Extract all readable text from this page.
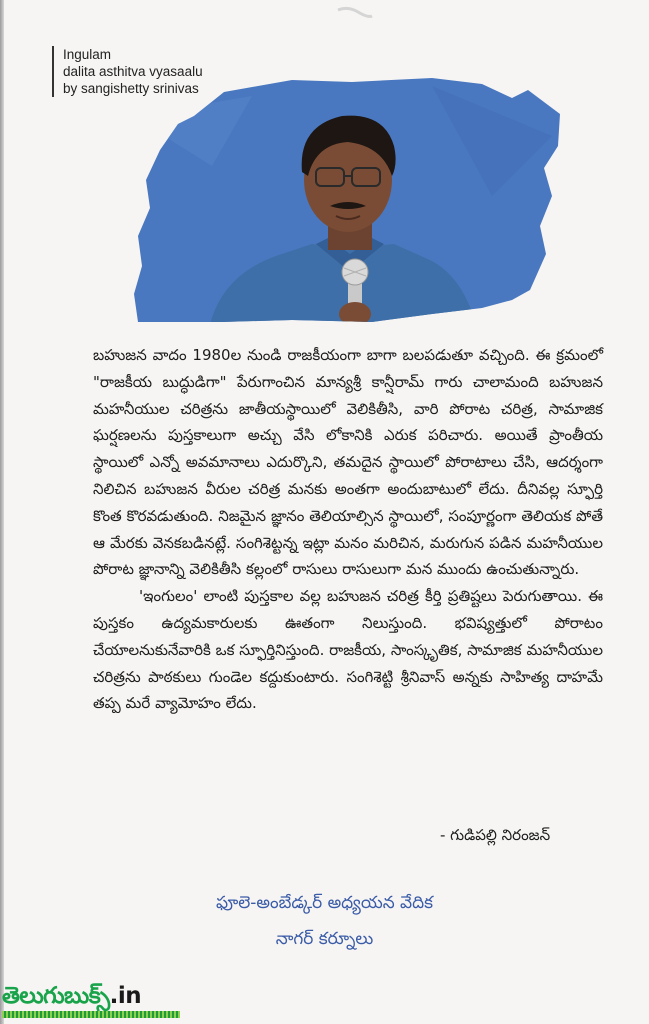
Ingulam
dalita asthitva vyasaalu
by sangishetty srinivas

బహుజన వాదం 1980ల నుండి రాజకీయంగా బాగా బలపడుతూ వచ్చింది. ఈ క్రమంలో "రాజకీయ బుద్ధుడిగా" పేరుగాంచిన మాన్యశ్రీ కాన్షీరామ్ గారు చాలామంది బహుజన మహనీయుల చరిత్రను జాతీయస్థాయిలో వెలికితీసి, వారి పోరాట చరిత్ర, సామాజిక ఘర్షణలను పుస్తకాలుగా అచ్చు వేసి లోకానికి ఎరుక పరిచారు. అయితే ప్రాంతీయ స్థాయిలో ఎన్నో అవమానాలు ఎదుర్కొని, తమదైన స్థాయిలో పోరాటాలు చేసి, ఆదర్శంగా నిలిచిన బహుజన వీరుల చరిత్ర మనకు అంతగా అందుబాటులో లేదు. దీనివల్ల స్ఫూర్తి కొంత కొరవడుతుంది. నిజమైన జ్ఞానం తెలియాల్సిన స్థాయిలో, సంపూర్ణంగా తెలియక పోతే ఆ మేరకు వెనకబడినట్లే. సంగిశెట్టన్న ఇట్లా మనం మరిచిన, మరుగున పడిన మహనీయుల పోరాట జ్ఞానాన్ని వెలికితీసి కల్లంలో రాసులు రాసులుగా మన ముందు ఉంచుతున్నారు.

'ఇంగులం' లాంటి పుస్తకాల వల్ల బహుజన చరిత్ర కీర్తి ప్రతిష్టలు పెరుగుతాయి. ఈ పుస్తకం ఉద్యమకారులకు ఊతంగా నిలుస్తుంది. భవిష్యత్తులో పోరాటం చేయాలనుకునేవారికి ఒక స్ఫూర్తినిస్తుంది. రాజకీయ, సాంస్కృతిక, సామాజిక మహనీయుల చరిత్రను పాఠకులు గుండెల కద్దుకుంటారు. సంగిశెట్టి శ్రీనివాస్ అన్నకు సాహిత్య దాహమే తప్ప మరే వ్యామోహం లేదు.

- గుడిపల్లి నిరంజన్
ఫూలె-అంబేడ్కర్ అధ్యయన వేదిక
నాగర్ కర్నూలు
తెలుగుబుక్స్.in
